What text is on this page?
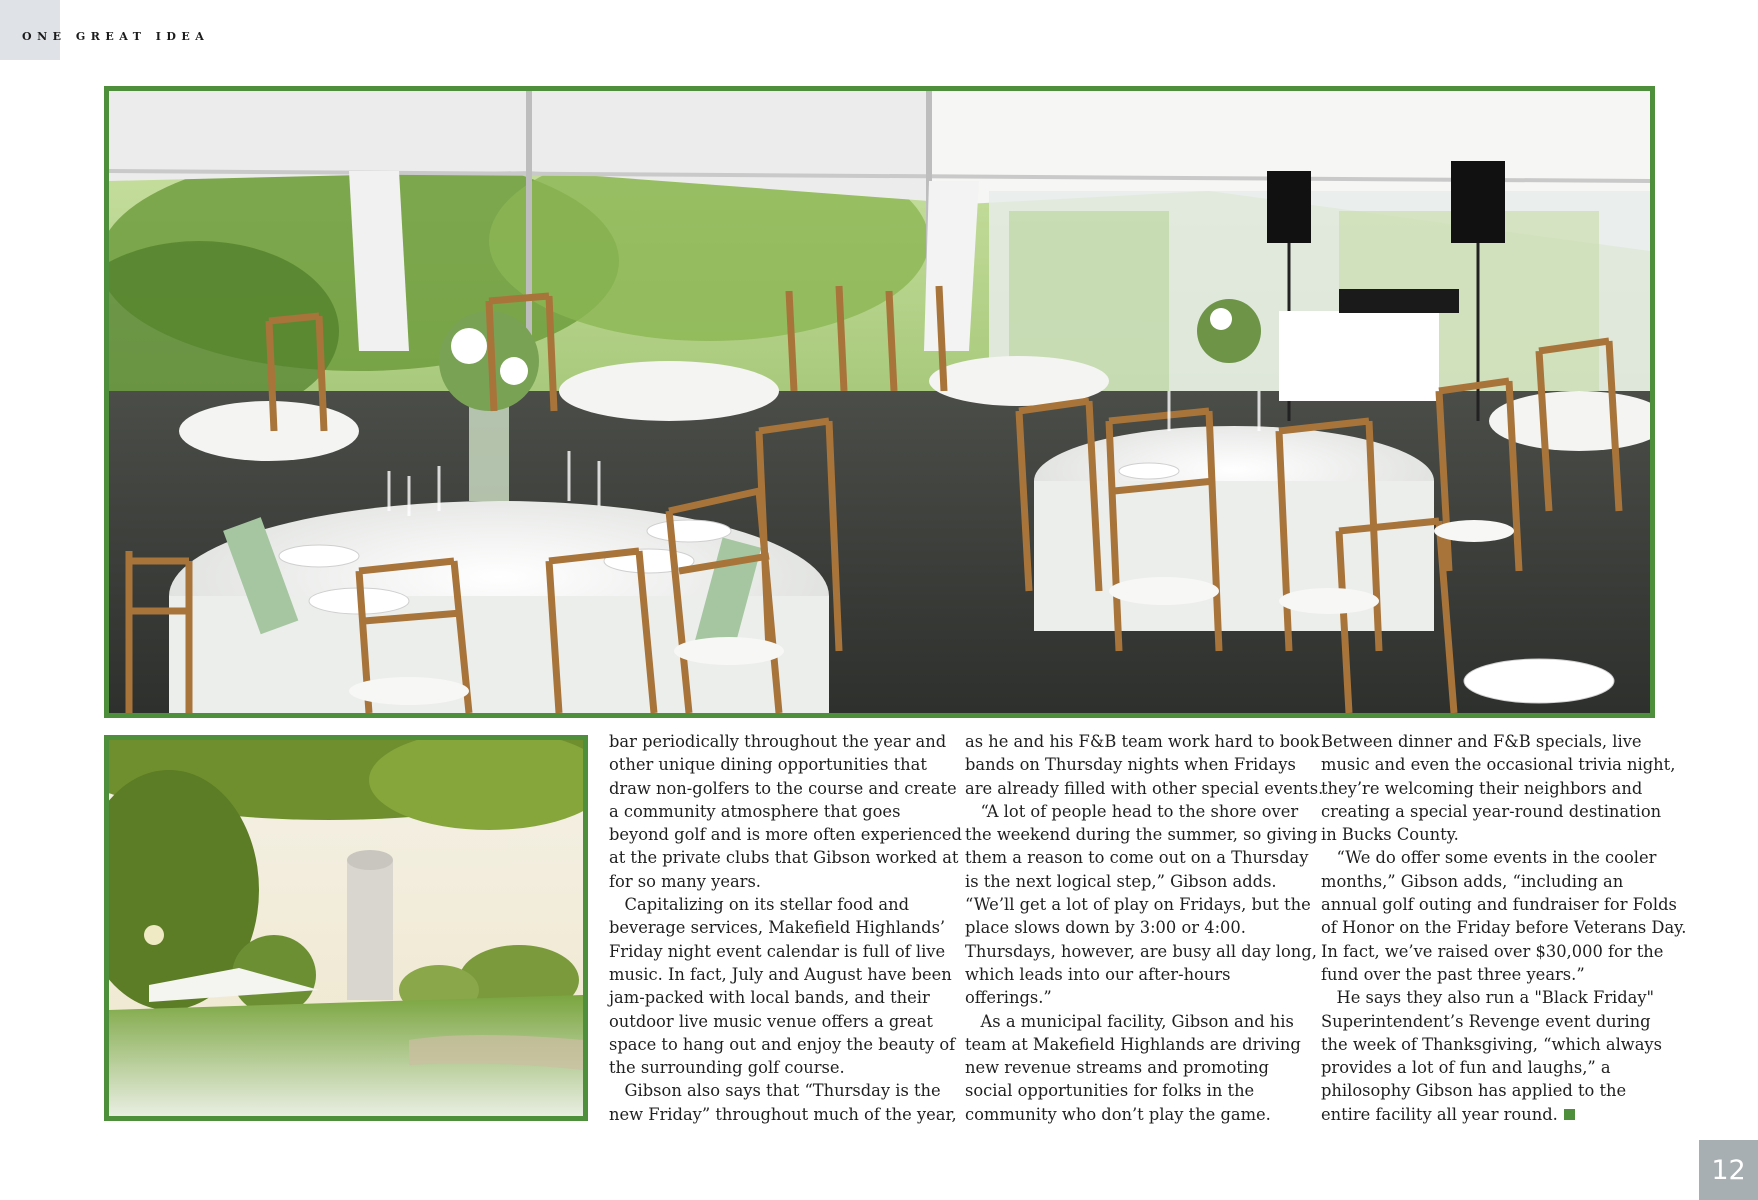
ONE GREAT IDEA

bar periodically throughout the year and

other unique dining opportunities that

draw non-golfers to the course and create

a community atmosphere that goes

beyond golf and is more often experienced

at the private clubs that Gibson worked at

for so many years.

Capitalizing on its stellar food and

beverage services, Makefield Highlands’

Friday night event calendar is full of live

music. In fact, July and August have been

jam-packed with local bands, and their

outdoor live music venue offers a great

space to hang out and enjoy the beauty of

the surrounding golf course.

Gibson also says that “Thursday is the

new Friday” throughout much of the year,

as he and his F&B team work hard to book

bands on Thursday nights when Fridays

are already filled with other special events.

“A lot of people head to the shore over

the weekend during the summer, so giving

them a reason to come out on a Thursday

is the next logical step,” Gibson adds.

“We’ll get a lot of play on Fridays, but the

place slows down by 3:00 or 4:00.

Thursdays, however, are busy all day long,

which leads into our after-hours

offerings.”

As a municipal facility, Gibson and his

team at Makefield Highlands are driving

new revenue streams and promoting

social opportunities for folks in the

community who don’t play the game.

Between dinner and F&B specials, live

music and even the occasional trivia night,

they’re welcoming their neighbors and

creating a special year-round destination

in Bucks County.

“We do offer some events in the cooler

months,” Gibson adds, “including an

annual golf outing and fundraiser for Folds

of Honor on the Friday before Veterans Day.

In fact, we’ve raised over $30,000 for the

fund over the past three years.”

He says they also run a "Black Friday"

Superintendent’s Revenge event during

the week of Thanksgiving, “which always

provides a lot of fun and laughs,” a

philosophy Gibson has applied to the

entire facility all year round.

12
